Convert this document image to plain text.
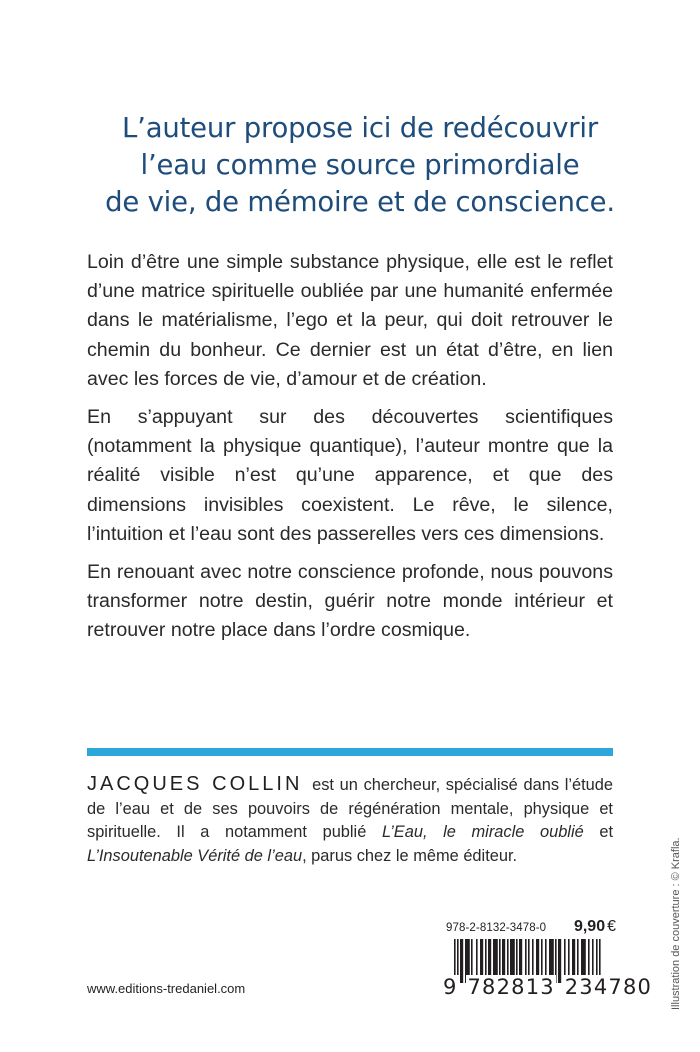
L’auteur propose ici de redécouvrir
l’eau comme source primordiale
de vie, de mémoire et de conscience.

Loin d’être une simple substance physique, elle est le reflet d’une matrice spirituelle oubliée par une humanité enfermée dans le matérialisme, l’ego et la peur, qui doit retrouver le chemin du bonheur. Ce dernier est un état d’être, en lien avec les forces de vie, d’amour et de création.

En s’appuyant sur des découvertes scientifiques (notamment la physique quantique), l’auteur montre que la réalité visible n’est qu’une apparence, et que des dimensions invisibles coexistent. Le rêve, le silence, l’intuition et l’eau sont des passerelles vers ces dimensions.

En renouant avec notre conscience profonde, nous pouvons transformer notre destin, guérir notre monde intérieur et retrouver notre place dans l’ordre cosmique.

JACQUES COLLIN est un chercheur, spécialisé dans l’étude de l’eau et de ses pouvoirs de régénération mentale, physique et spirituelle. Il a notamment publié L’Eau, le miracle oublié et L’Insoutenable Vérité de l’eau, parus chez le même éditeur.
978-2-8132-3478-0 9,90 €
9 782813 234780
www.editions-tredaniel.com	Illustration de couverture : © Krafla.
